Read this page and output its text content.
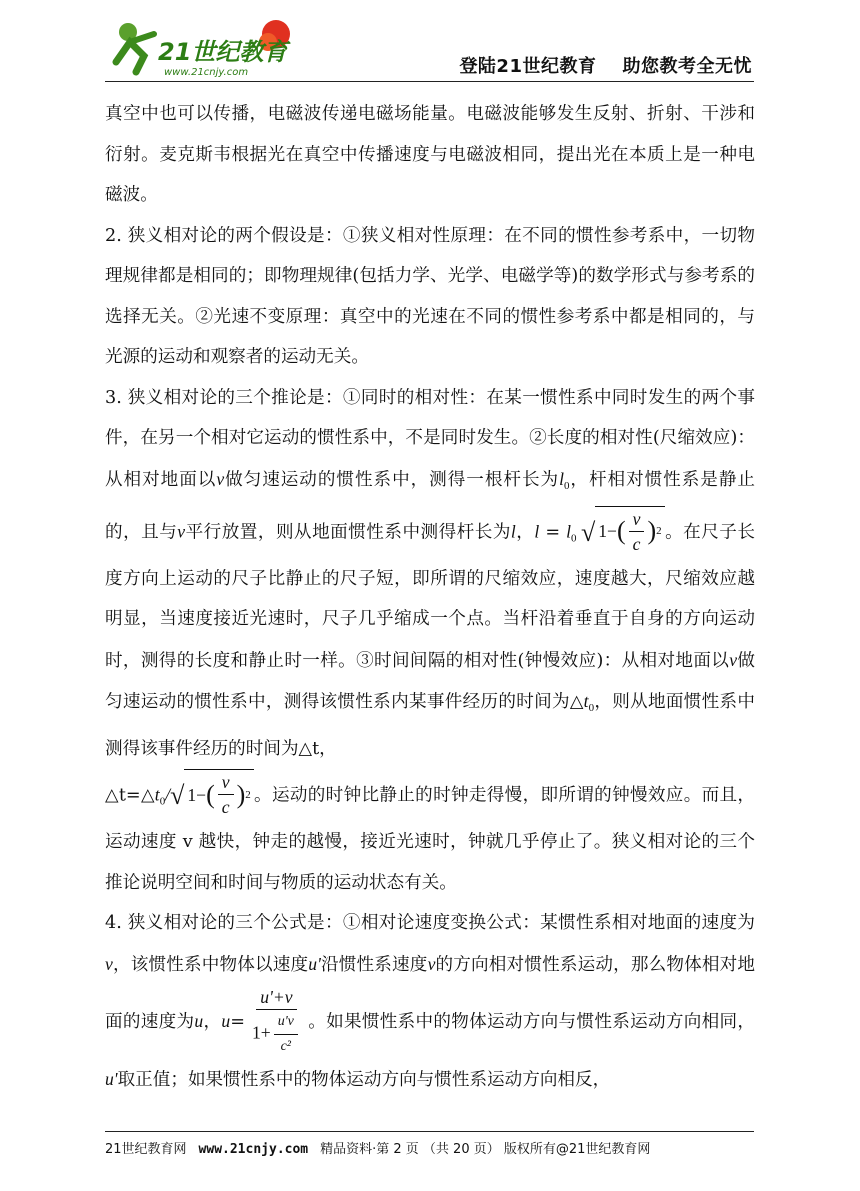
21世纪教育
www.21cnjy.com	登陆21世纪教育 助您教考全无忧

真空中也可以传播，电磁波传递电磁场能量。电磁波能够发生反射、折射、干涉和衍射。麦克斯韦根据光在真空中传播速度与电磁波相同，提出光在本质上是一种电磁波。

2. 狭义相对论的两个假设是：①狭义相对性原理：在不同的惯性参考系中，一切物理规律都是相同的；即物理规律(包括力学、光学、电磁学等)的数学形式与参考系的选择无关。②光速不变原理：真空中的光速在不同的惯性参考系中都是相同的，与光源的运动和观察者的运动无关。

3. 狭义相对论的三个推论是：①同时的相对性：在某一惯性系中同时发生的两个事件，在另一个相对它运动的惯性系中，不是同时发生。②长度的相对性(尺缩效应)：从相对地面以v做匀速运动的惯性系中，测得一根杆长为$l_0$，杆相对惯性系是静止的，且与v平行放置，则从地面惯性系中测得杆长为l，$l = l_0$ √ 1− ( $\frac{v}{c}$ ) 2 。在尺子长度方向上运动的尺子比静止的尺子短，即所谓的尺缩效应，速度越大，尺缩效应越明显，当速度接近光速时，尺子几乎缩成一个点。当杆沿着垂直于自身的方向运动时，测得的长度和静止时一样。③时间间隔的相对性(钟慢效应)：从相对地面以v做匀速运动的惯性系中，测得该惯性系内某事件经历的时间为$\triangle t_0$，则从地面惯性系中测得该事件经历的时间为△t，
$\triangle t=\triangle t_0/√$ 1− ( $\frac{v}{c}$ ) 2 。运动的时钟比静止的时钟走得慢，即所谓的钟慢效应。而且，运动速度 v 越快，钟走的越慢，接近光速时，钟就几乎停止了。狭义相对论的三个推论说明空间和时间与物质的运动状态有关。

4. 狭义相对论的三个公式是：①相对论速度变换公式：某惯性系相对地面的速度为v，该惯性系中物体以速度u'沿惯性系速度v的方向相对惯性系运动，那么物体相对地面的速度为u，$u= \frac{u'+v}{1+ \frac{u'v}{\text{c²}}}$ 。如果惯性系中的物体运动方向与惯性系运动方向相同，u'取正值；如果惯性系中的物体运动方向与惯性系运动方向相反，

21世纪教育网 www.21cnjy.com 精品资料·第 2 页 （共 20 页） 版权所有@21世纪教育网
